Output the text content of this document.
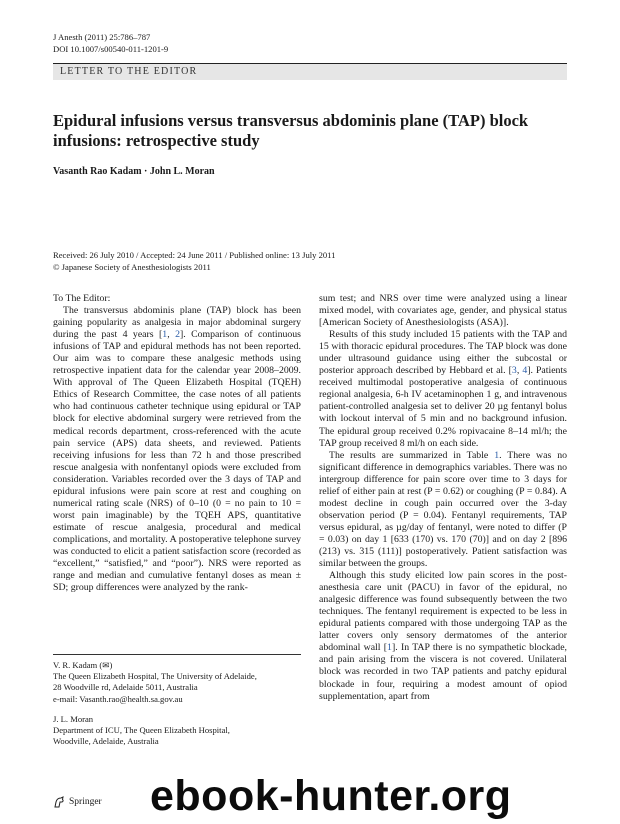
J Anesth (2011) 25:786–787
DOI 10.1007/s00540-011-1201-9
LETTER TO THE EDITOR
Epidural infusions versus transversus abdominis plane (TAP) block infusions: retrospective study
Vasanth Rao Kadam · John L. Moran
Received: 26 July 2010 / Accepted: 24 June 2011 / Published online: 13 July 2011
© Japanese Society of Anesthesiologists 2011

To The Editor:

The transversus abdominis plane (TAP) block has been gaining popularity as analgesia in major abdominal surgery during the past 4 years [1, 2]. Comparison of continuous infusions of TAP and epidural methods has not been reported. Our aim was to compare these analgesic methods using retrospective inpatient data for the calendar year 2008–2009. With approval of The Queen Elizabeth Hospital (TQEH) Ethics of Research Committee, the case notes of all patients who had continuous catheter technique using epidural or TAP block for elective abdominal surgery were retrieved from the medical records department, cross-referenced with the acute pain service (APS) data sheets, and reviewed. Patients receiving infusions for less than 72 h and those prescribed rescue analgesia with nonfentanyl opiods were excluded from consideration. Variables recorded over the 3 days of TAP and epidural infusions were pain score at rest and coughing on numerical rating scale (NRS) of 0–10 (0 = no pain to 10 = worst pain imaginable) by the TQEH APS, quantitative estimate of rescue analgesia, procedural and medical complications, and mortality. A postoperative telephone survey was conducted to elicit a patient satisfaction score (recorded as “excellent,” “satisfied,” and “poor”). NRS were reported as range and median and cumulative fentanyl doses as mean ± SD; group differences were analyzed by the rank-

sum test; and NRS over time were analyzed using a linear mixed model, with covariates age, gender, and physical status [American Society of Anesthesiologists (ASA)].

Results of this study included 15 patients with the TAP and 15 with thoracic epidural procedures. The TAP block was done under ultrasound guidance using either the subcostal or posterior approach described by Hebbard et al. [3, 4]. Patients received multimodal postoperative analgesia of continuous regional analgesia, 6-h IV acetaminophen 1 g, and intravenous patient-controlled analgesia set to deliver 20 µg fentanyl bolus with lockout interval of 5 min and no background infusion. The epidural group received 0.2% ropivacaine 8–14 ml/h; the TAP group received 8 ml/h on each side.

The results are summarized in Table 1. There was no significant difference in demographics variables. There was no intergroup difference for pain score over time to 3 days for relief of either pain at rest (P = 0.62) or coughing (P = 0.84). A modest decline in cough pain occurred over the 3-day observation period (P = 0.04). Fentanyl requirements, TAP versus epidural, as µg/day of fentanyl, were noted to differ (P = 0.03) on day 1 [633 (170) vs. 170 (70)] and on day 2 [896 (213) vs. 315 (111)] postoperatively. Patient satisfaction was similar between the groups.

Although this study elicited low pain scores in the post-anesthesia care unit (PACU) in favor of the epidural, no analgesic difference was found subsequently between the two techniques. The fentanyl requirement is expected to be less in epidural patients compared with those undergoing TAP as the latter covers only sensory dermatomes of the anterior abdominal wall [1]. In TAP there is no sympathetic blockade, and pain arising from the viscera is not covered. Unilateral block was recorded in two TAP patients and patchy epidural blockade in four, requiring a modest amount of opiod supplementation, apart from

V. R. Kadam (✉)
The Queen Elizabeth Hospital, The University of Adelaide,
28 Woodville rd, Adelaide 5011, Australia
e-mail: Vasanth.rao@health.sa.gov.au
J. L. Moran
Department of ICU, The Queen Elizabeth Hospital,
Woodville, Adelaide, Australia
Springer ebook-hunter.org
